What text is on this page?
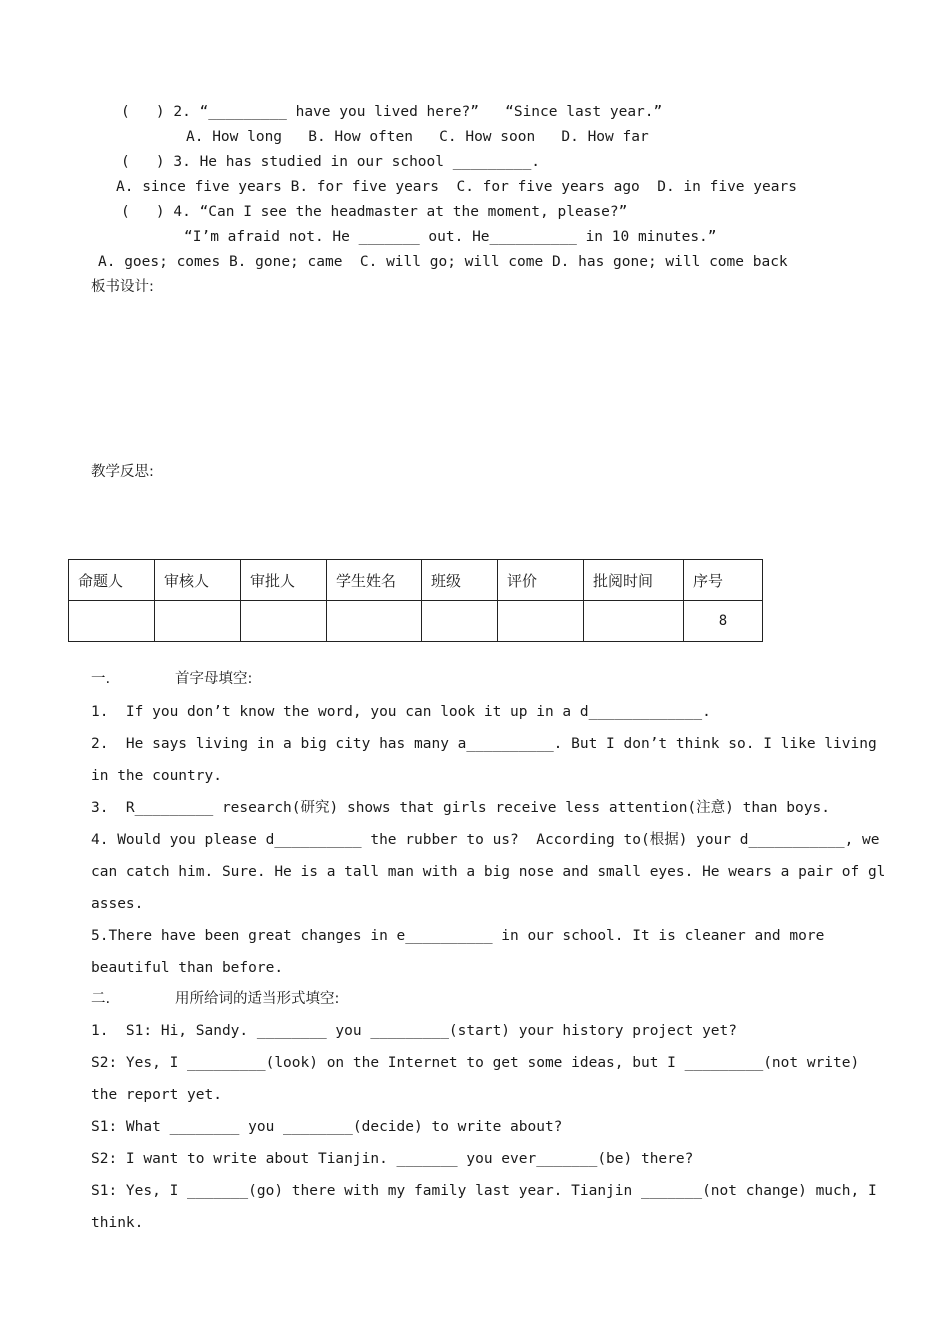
(   ) 2. “_________ have you lived here?”   “Since last year.”
A. How long   B. How often   C. How soon   D. How far
(   ) 3. He has studied in our school _________.
A. since five years B. for five years  C. for five years ago  D. in five years
(   ) 4. “Can I see the headmaster at the moment, please?”
“I’m afraid not. He _______ out. He__________ in 10 minutes.”
A. goes; comes B. gone; came  C. will go; will come D. has gone; will come back
板书设计:
教学反思:
命题人	审核人	审批人	学生姓名	班级	评价	批阅时间	序号
							8
一.	首字母填空:
1.  If you don’t know the word, you can look it up in a d_____________.
2.  He says living in a big city has many a__________. But I don’t think so. I like living
in the country.
3.  R_________ research(研究) shows that girls receive less attention(注意) than boys.
4. Would you please d__________ the rubber to us?  According to(根据) your d___________, we
can catch him. Sure. He is a tall man with a big nose and small eyes. He wears a pair of gl
asses.
5.There have been great changes in e__________ in our school. It is cleaner and more
beautiful than before.
二.	用所给词的适当形式填空:
1.  S1: Hi, Sandy. ________ you _________(start) your history project yet?
S2: Yes, I _________(look) on the Internet to get some ideas, but I _________(not write)
the report yet.
S1: What ________ you ________(decide) to write about?
S2: I want to write about Tianjin. _______ you ever_______(be) there?
S1: Yes, I _______(go) there with my family last year. Tianjin _______(not change) much, I
think.
